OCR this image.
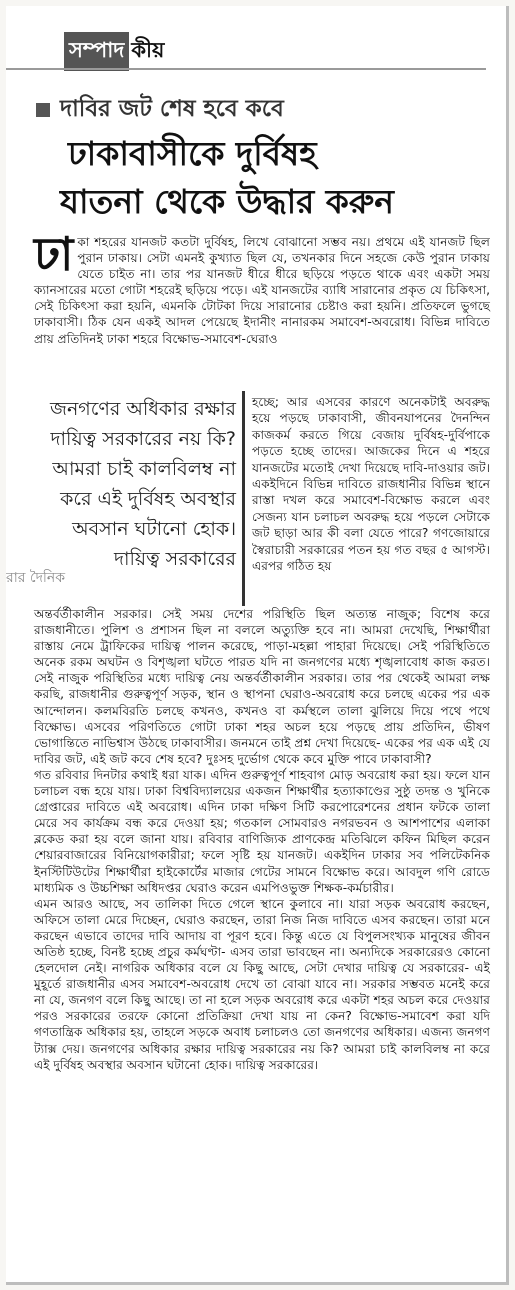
সম্পাদ কীয়
দাবির জট শেষ হবে কবে
ঢাকাবাসীকে দুর্বিষহ
যাতনা থেকে উদ্ধার করুন
ঢা কা শহরের যানজট কতটা দুর্বিষহ, লিখে বোঝানো সম্ভব নয়। প্রথমে এই যানজট ছিল পুরান ঢাকায়। সেটা এমনই কুখ্যাত ছিল যে, তখনকার দিনে সহজে কেউ পুরান ঢাকায় যেতে চাইত না। তার পর যানজট ধীরে ধীরে ছড়িয়ে পড়তে থাকে এবং একটা সময় ক্যানসারের মতো গোটা শহরেই ছড়িয়ে পড়ে। এই যানজটের ব্যাধি সারানোর প্রকৃত যে চিকিৎসা, সেই চিকিৎসা করা হয়নি, এমনকি টোটকা দিয়ে সারানোর চেষ্টাও করা হয়নি। প্রতিফলে ভুগছে ঢাকাবাসী। ঠিক যেন একই আদল পেয়েছে ইদানীং নানারকম সমাবেশ-অবরোধ। বিভিন্ন দাবিতে প্রায় প্রতিদিনই ঢাকা শহরে বিক্ষোভ-সমাবেশ-ঘেরাও
জনগণের অধিকার রক্ষার দায়িত্ব সরকারের নয় কি? আমরা চাই কালবিলম্ব না করে এই দুর্বিষহ অবস্থার অবসান ঘটানো হোক। দায়িত্ব সরকারের
হচ্ছে; আর এসবের কারণে অনেকটাই অবরুদ্ধ হয়ে পড়ছে ঢাকাবাসী, জীবনযাপনের দৈনন্দিন কাজকর্ম করতে গিয়ে বেজায় দুর্বিষহ-দুর্বিপাকে পড়তে হচ্ছে তাদের। আজকের দিনে এ শহরে যানজটের মতোই দেখা দিয়েছে দাবি-দাওয়ার জট। একইদিনে বিভিন্ন দাবিতে রাজধানীর বিভিন্ন স্থানে রাস্তা দখল করে সমাবেশ-বিক্ষোভ করলে এবং সেজন্য যান চলাচল অবরুদ্ধ হয়ে পড়লে সেটাকে জট ছাড়া আর কী বলা যেতে পারে? গণজোয়ারে স্বৈরাচারী সরকারের পতন হয় গত বছর ৫ আগস্ট। এরপর গঠিত হয়
রার দৈনিক

অন্তর্বর্তীকালীন সরকার। সেই সময় দেশের পরিস্থিতি ছিল অত্যন্ত নাজুক; বিশেষ করে রাজধানীতে। পুলিশ ও প্রশাসন ছিল না বললে অত্যুক্তি হবে না। আমরা দেখেছি, শিক্ষার্থীরা রাস্তায় নেমে ট্রাফিকের দায়িত্ব পালন করেছে, পাড়া-মহল্লা পাহারা দিয়েছে। সেই পরিস্থিতিতে অনেক রকম অঘটন ও বিশৃঙ্খলা ঘটতে পারত যদি না জনগণের মধ্যে শৃঙ্খলাবোধ কাজ করত। সেই নাজুক পরিস্থিতির মধ্যে দায়িত্ব নেয় অন্তর্বর্তীকালীন সরকার। তার পর থেকেই আমরা লক্ষ করছি, রাজধানীর গুরুত্বপূর্ণ সড়ক, স্থান ও স্থাপনা ঘেরাও-অবরোধ করে চলছে একের পর এক আন্দোলন। কলমবিরতি চলছে কখনও, কখনও বা কর্মস্থলে তালা ঝুলিয়ে দিয়ে পথে পথে বিক্ষোভ। এসবের পরিণতিতে গোটা ঢাকা শহর অচল হয়ে পড়ছে প্রায় প্রতিদিন, ভীষণ ভোগান্তিতে নাভিশ্বাস উঠছে ঢাকাবাসীর। জনমনে তাই প্রশ্ন দেখা দিয়েছে- একের পর এক এই যে দাবির জট, এই জট কবে শেষ হবে? দুঃসহ দুর্ভোগ থেকে কবে মুক্তি পাবে ঢাকাবাসী?

গত রবিবার দিনটার কথাই ধরা যাক। এদিন গুরুত্বপূর্ণ শাহবাগ মোড় অবরোধ করা হয়। ফলে যান চলাচল বন্ধ হয়ে যায়। ঢাকা বিশ্ববিদ্যালয়ের একজন শিক্ষার্থীর হত্যাকাণ্ডের সুষ্ঠু তদন্ত ও খুনিকে গ্রেপ্তারের দাবিতে এই অবরোধ। এদিন ঢাকা দক্ষিণ সিটি করপোরেশনের প্রধান ফটকে তালা মেরে সব কার্যক্রম বন্ধ করে দেওয়া হয়; গতকাল সোমবারও নগরভবন ও আশপাশের এলাকা ব্লকেড করা হয় বলে জানা যায়। রবিবার বাণিজ্যিক প্রাণকেন্দ্র মতিঝিলে কফিন মিছিল করেন শেয়ারবাজারের বিনিয়োগকারীরা; ফলে সৃষ্টি হয় যানজট। একইদিন ঢাকার সব পলিটেকনিক ইনস্টিটিউটের শিক্ষার্থীরা হাইকোর্টের মাজার গেটের সামনে বিক্ষোভ করে। আবদুল গণি রোডে মাধ্যমিক ও উচ্চশিক্ষা অধিদপ্তর ঘেরাও করেন এমপিওভুক্ত শিক্ষক-কর্মচারীর।

এমন আরও আছে, সব তালিকা দিতে গেলে স্থানে কুলাবে না। যারা সড়ক অবরোধ করছেন, অফিসে তালা মেরে দিচ্ছেন, ঘেরাও করছেন, তারা নিজ নিজ দাবিতে এসব করছেন। তারা মনে করছেন এভাবে তাদের দাবি আদায় বা পূরণ হবে। কিন্তু এতে যে বিপুলসংখ্যক মানুষের জীবন অতিষ্ঠ হচ্ছে, বিনষ্ট হচ্ছে প্রচুর কর্মঘণ্টা- এসব তারা ভাবছেন না। অন্যদিকে সরকারেরও কোনো হেলদোল নেই। নাগরিক অধিকার বলে যে কিছু আছে, সেটা দেখার দায়িত্ব যে সরকারের- এই মুহূর্তে রাজধানীর এসব সমাবেশ-অবরোধ দেখে তা বোঝা যাবে না। সরকার সম্ভবত মনেই করে না যে, জনগণ বলে কিছু আছে। তা না হলে সড়ক অবরোধ করে একটা শহর অচল করে দেওয়ার পরও সরকারের তরফে কোনো প্রতিক্রিয়া দেখা যায় না কেন? বিক্ষোভ-সমাবেশ করা যদি গণতান্ত্রিক অধিকার হয়, তাহলে সড়কে অবাধ চলাচলও তো জনগণের অধিকার। এজন্য জনগণ ট্যাক্স দেয়। জনগণের অধিকার রক্ষার দায়িত্ব সরকারের নয় কি? আমরা চাই কালবিলম্ব না করে এই দুর্বিষহ অবস্থার অবসান ঘটানো হোক। দায়িত্ব সরকারের।
